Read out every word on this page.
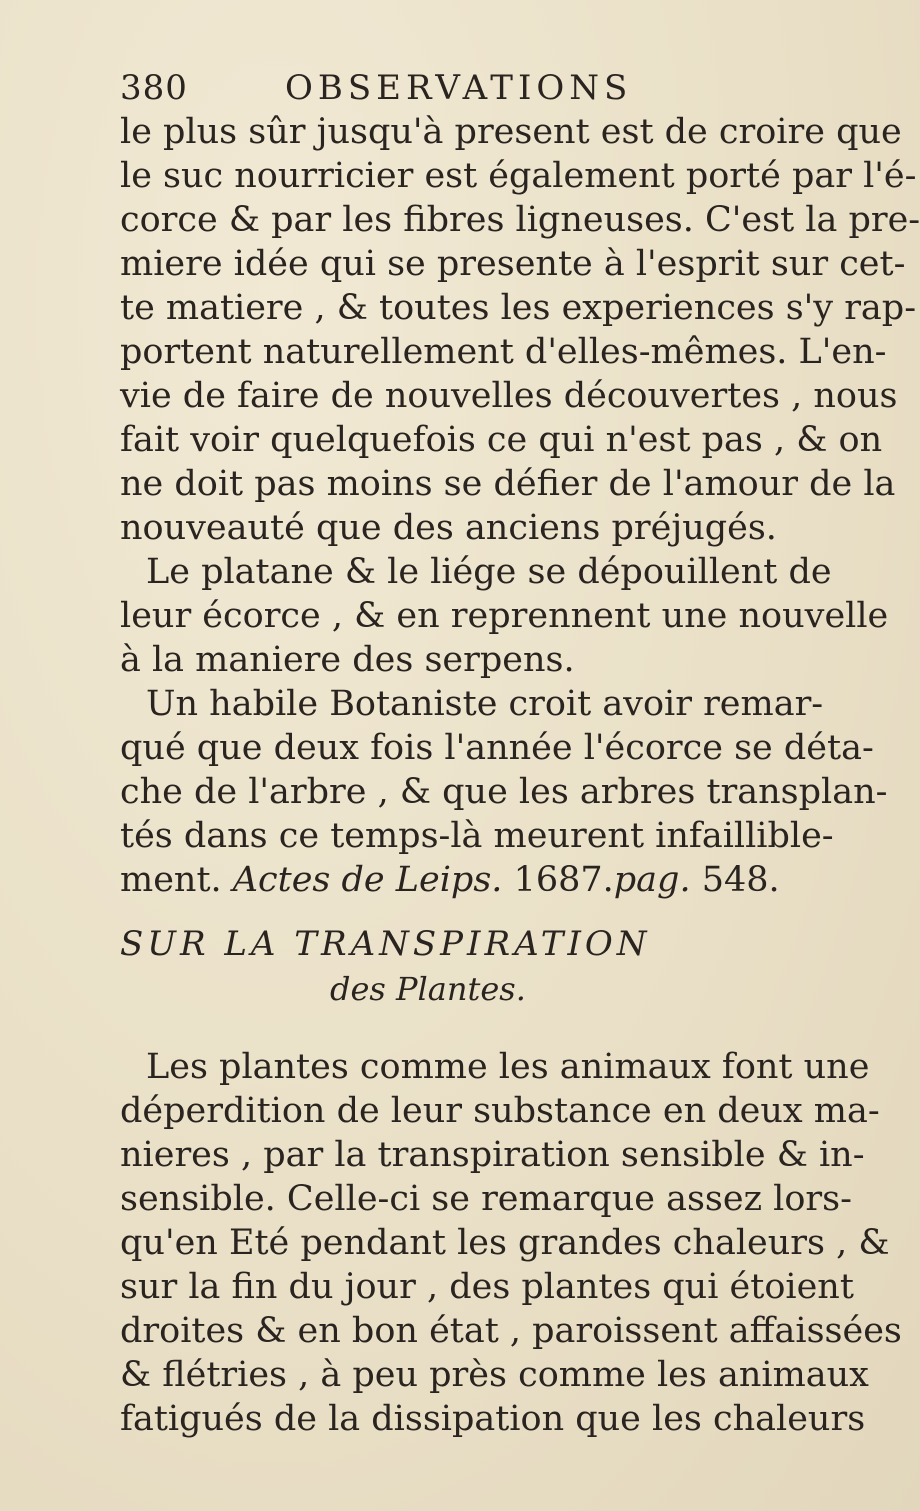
380	OBSERVATIONS
le plus sûr jusqu'à present est de croire que
le suc nourricier est également porté par l'é-
corce & par les fibres ligneuses. C'est la pre-
miere idée qui se presente à l'esprit sur cet-
te matiere , & toutes les experiences s'y rap-
portent naturellement d'elles-mêmes. L'en-
vie de faire de nouvelles découvertes , nous
fait voir quelquefois ce qui n'est pas , & on
ne doit pas moins se défier de l'amour de la
nouveauté que des anciens préjugés.
Le platane & le liége se dépouillent de
leur écorce , & en reprennent une nouvelle
à la maniere des serpens.
Un habile Botaniste croit avoir remar-
qué que deux fois l'année l'écorce se déta-
che de l'arbre , & que les arbres transplan-
tés dans ce temps-là meurent infaillible-
ment. Actes de Leips. 1687.pag. 548.
SUR LA TRANSPIRATION
des Plantes.
Les plantes comme les animaux font une
déperdition de leur substance en deux ma-
nieres , par la transpiration sensible & in-
sensible. Celle-ci se remarque assez lors-
qu'en Eté pendant les grandes chaleurs , &
sur la fin du jour , des plantes qui étoient
droites & en bon état , paroissent affaissées
& flétries , à peu près comme les animaux
fatigués de la dissipation que les chaleurs
